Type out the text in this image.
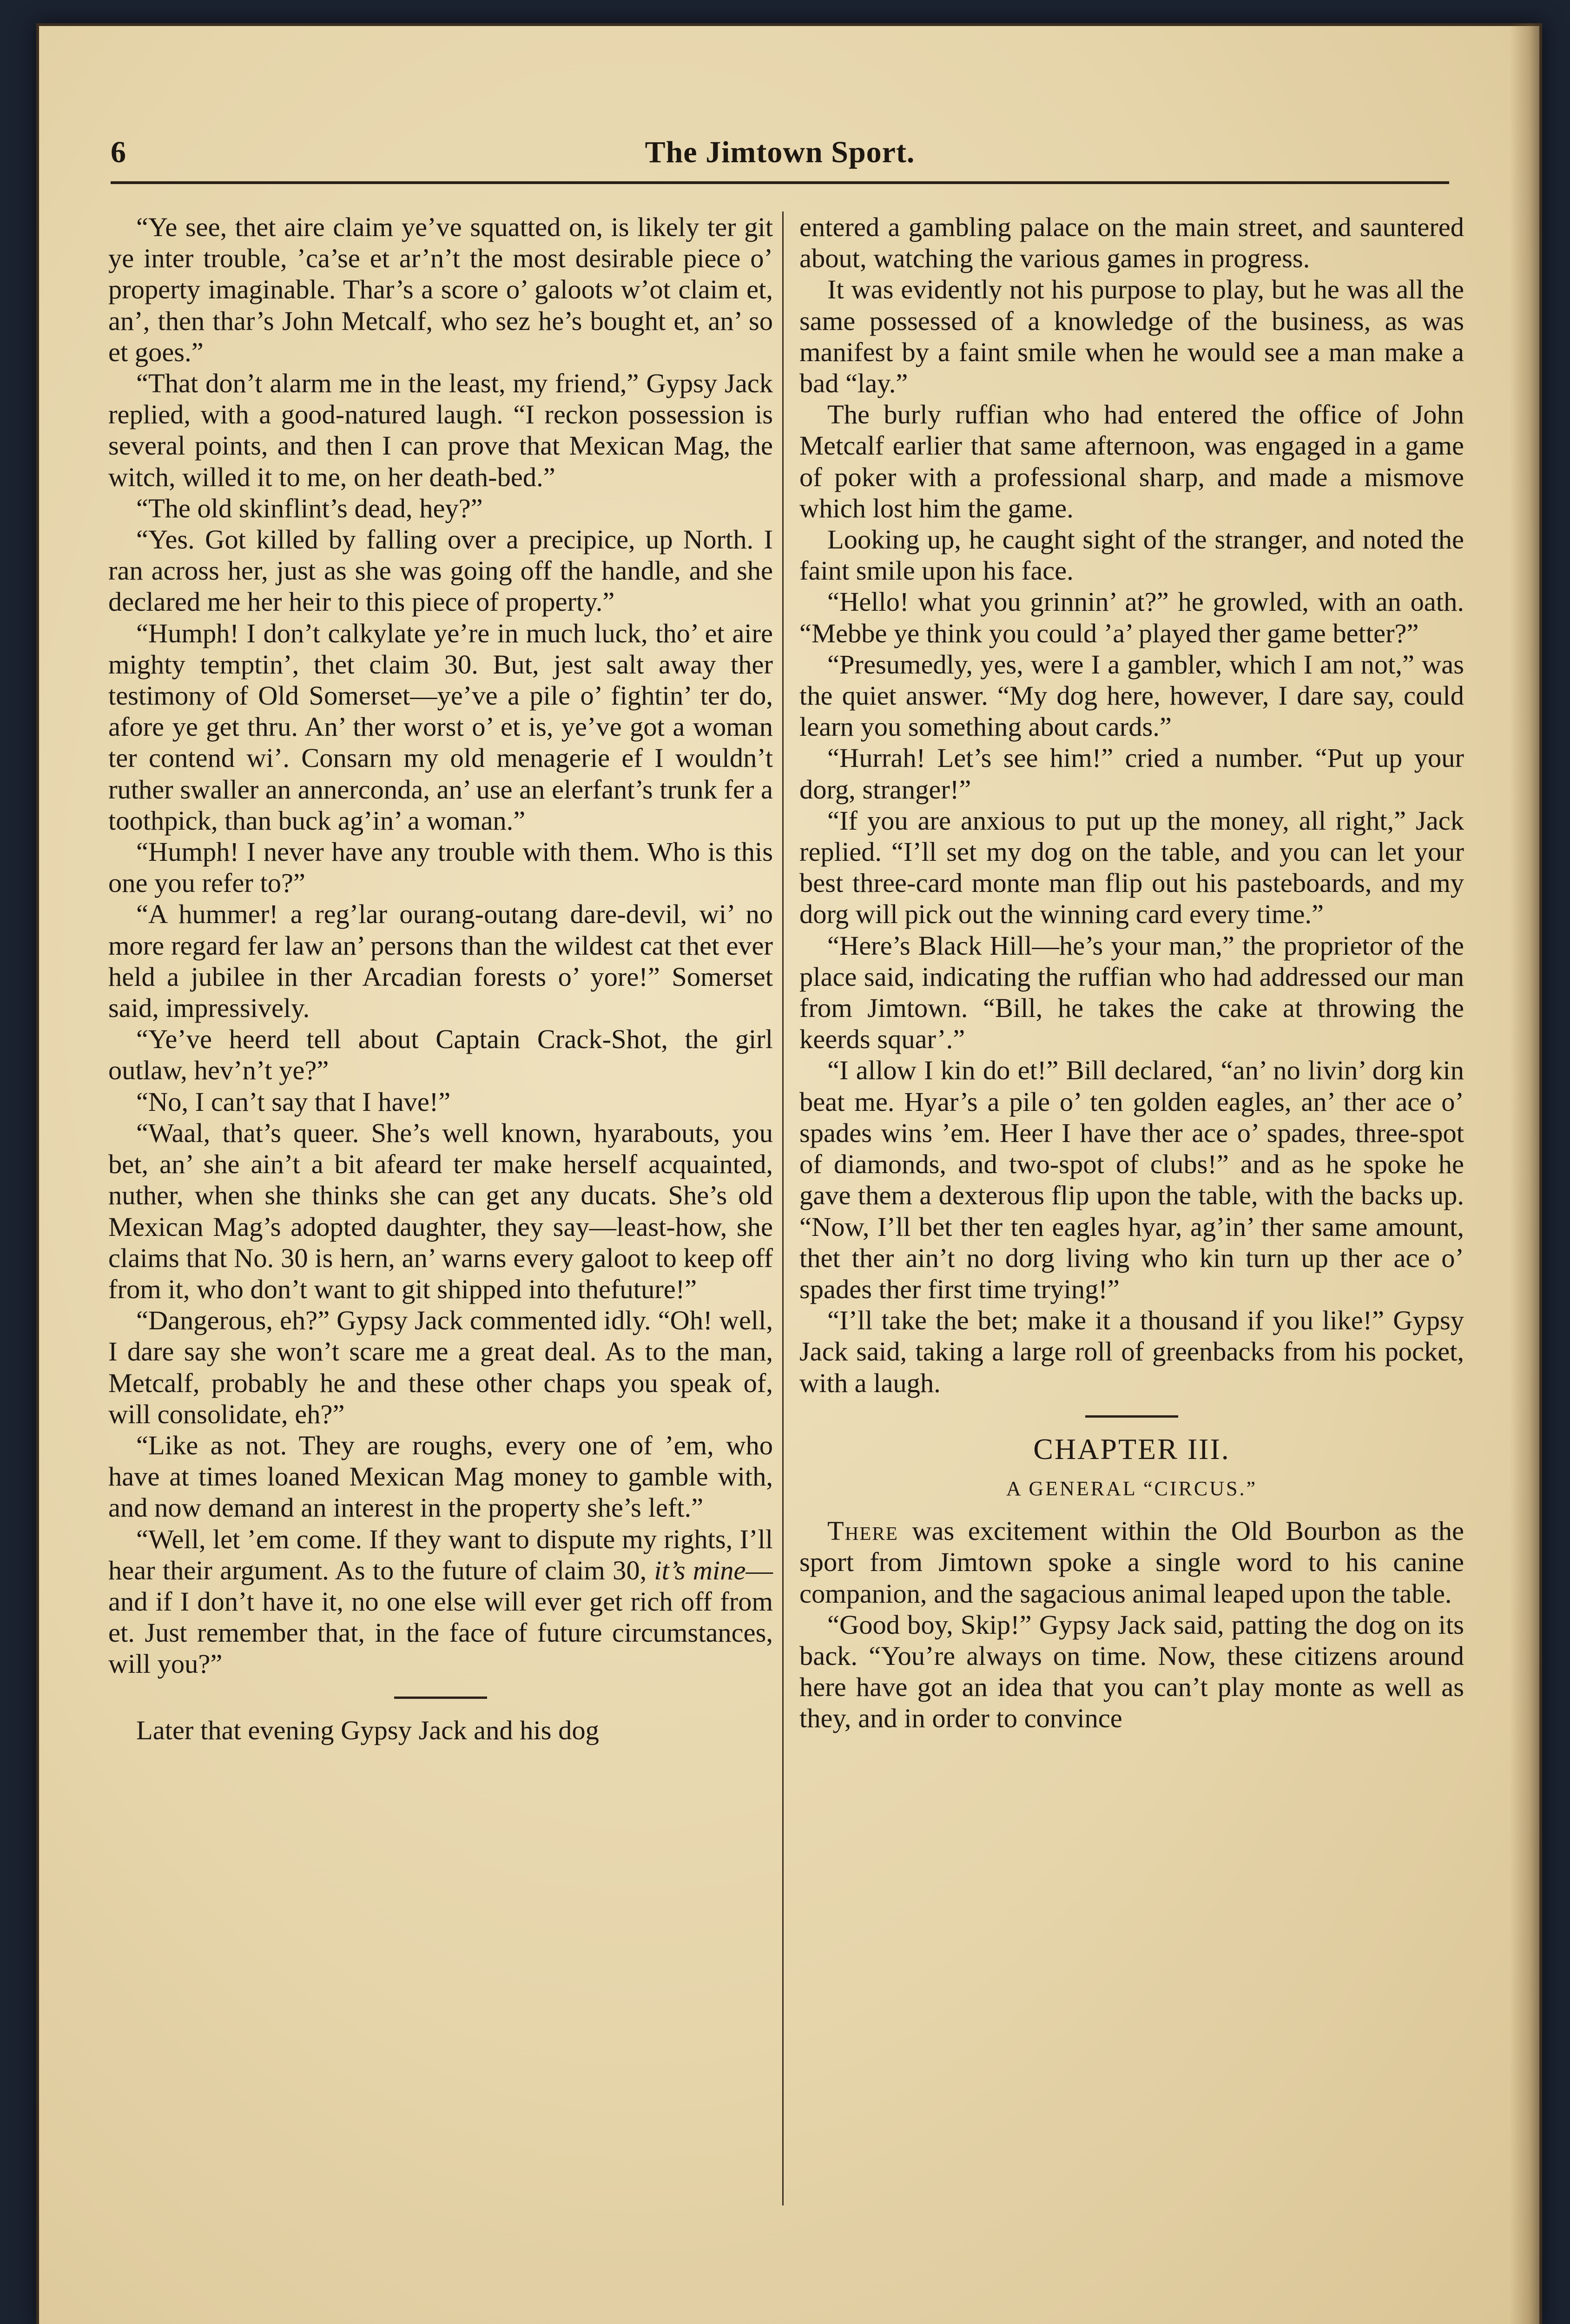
6	The Jimtown Sport.

“Ye see, thet aire claim ye’ve squatted on, is likely ter git ye inter trouble, ’ca’se et ar’n’t the most desirable piece o’ property imaginable. Thar’s a score o’ galoots w’ot claim et, an’, then thar’s John Metcalf, who sez he’s bought et, an’ so et goes.”

“That don’t alarm me in the least, my friend,” Gypsy Jack replied, with a good-natured laugh. “I reckon possession is several points, and then I can prove that Mexican Mag, the witch, willed it to me, on her death-bed.”

“The old skinflint’s dead, hey?”

“Yes. Got killed by falling over a precipice, up North. I ran across her, just as she was going off the handle, and she declared me her heir to this piece of property.”

“Humph! I don’t calkylate ye’re in much luck, tho’ et aire mighty temptin’, thet claim 30. But, jest salt away ther testimony of Old Somerset—ye’ve a pile o’ fightin’ ter do, afore ye get thru. An’ ther worst o’ et is, ye’ve got a woman ter contend wi’. Consarn my old menagerie ef I wouldn’t ruther swaller an annerconda, an’ use an elerfant’s trunk fer a toothpick, than buck ag’in’ a woman.”

“Humph! I never have any trouble with them. Who is this one you refer to?”

“A hummer! a reg’lar ourang-outang dare-devil, wi’ no more regard fer law an’ persons than the wildest cat thet ever held a jubilee in ther Arcadian forests o’ yore!” Somerset said, impressively.

“Ye’ve heerd tell about Captain Crack-Shot, the girl outlaw, hev’n’t ye?”

“No, I can’t say that I have!”

“Waal, that’s queer. She’s well known, hyarabouts, you bet, an’ she ain’t a bit afeard ter make herself acquainted, nuther, when she thinks she can get any ducats. She’s old Mexican Mag’s adopted daughter, they say—least-how, she claims that No. 30 is hern, an’ warns every galoot to keep off from it, who don’t want to git shipped into thefuture!”

“Dangerous, eh?” Gypsy Jack commented idly. “Oh! well, I dare say she won’t scare me a great deal. As to the man, Metcalf, probably he and these other chaps you speak of, will consolidate, eh?”

“Like as not. They are roughs, every one of ’em, who have at times loaned Mexican Mag money to gamble with, and now demand an interest in the property she’s left.”

“Well, let ’em come. If they want to dispute my rights, I’ll hear their argument. As to the future of claim 30, it’s mine—and if I don’t have it, no one else will ever get rich off from et. Just remember that, in the face of future circumstances, will you?”

Later that evening Gypsy Jack and his dog

entered a gambling palace on the main street, and sauntered about, watching the various games in progress.

It was evidently not his purpose to play, but he was all the same possessed of a knowledge of the business, as was manifest by a faint smile when he would see a man make a bad “lay.”

The burly ruffian who had entered the office of John Metcalf earlier that same afternoon, was engaged in a game of poker with a professional sharp, and made a mismove which lost him the game.

Looking up, he caught sight of the stranger, and noted the faint smile upon his face.

“Hello! what you grinnin’ at?” he growled, with an oath. “Mebbe ye think you could ’a’ played ther game better?”

“Presumedly, yes, were I a gambler, which I am not,” was the quiet answer. “My dog here, however, I dare say, could learn you something about cards.”

“Hurrah! Let’s see him!” cried a number. “Put up your dorg, stranger!”

“If you are anxious to put up the money, all right,” Jack replied. “I’ll set my dog on the table, and you can let your best three-card monte man flip out his pasteboards, and my dorg will pick out the winning card every time.”

“Here’s Black Hill—he’s your man,” the proprietor of the place said, indicating the ruffian who had addressed our man from Jimtown. “Bill, he takes the cake at throwing the keerds squar’.”

“I allow I kin do et!” Bill declared, “an’ no livin’ dorg kin beat me. Hyar’s a pile o’ ten golden eagles, an’ ther ace o’ spades wins ’em. Heer I have ther ace o’ spades, three-spot of diamonds, and two-spot of clubs!” and as he spoke he gave them a dexterous flip upon the table, with the backs up. “Now, I’ll bet ther ten eagles hyar, ag’in’ ther same amount, thet ther ain’t no dorg living who kin turn up ther ace o’ spades ther first time trying!”

“I’ll take the bet; make it a thousand if you like!” Gypsy Jack said, taking a large roll of greenbacks from his pocket, with a laugh.

CHAPTER III.
A GENERAL “CIRCUS.”

There was excitement within the Old Bourbon as the sport from Jimtown spoke a single word to his canine companion, and the sagacious animal leaped upon the table.

“Good boy, Skip!” Gypsy Jack said, patting the dog on its back. “You’re always on time. Now, these citizens around here have got an idea that you can’t play monte as well as they, and in order to convince
